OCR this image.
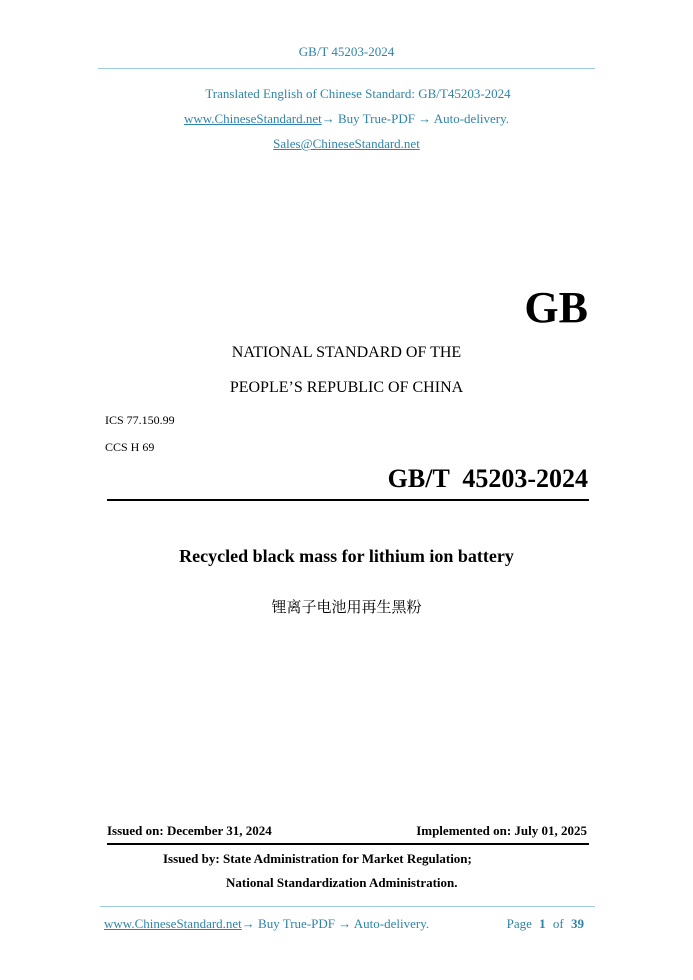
GB/T 45203-2024
Translated English of Chinese Standard: GB/T45203-2024
www.ChineseStandard.net→ Buy True-PDF → Auto-delivery.
Sales@ChineseStandard.net
GB
NATIONAL STANDARD OF THE
PEOPLE’S REPUBLIC OF CHINA
ICS 77.150.99
CCS H 69
GB/T  45203-2024
Recycled black mass for lithium ion battery
锂离子电池用再生黑粉
Issued on: December 31, 2024	Implemented on: July 01, 2025
Issued by: State Administration for Market Regulation;
National Standardization Administration.
www.ChineseStandard.net→ Buy True-PDF → Auto-delivery.	Page 1 of 39
